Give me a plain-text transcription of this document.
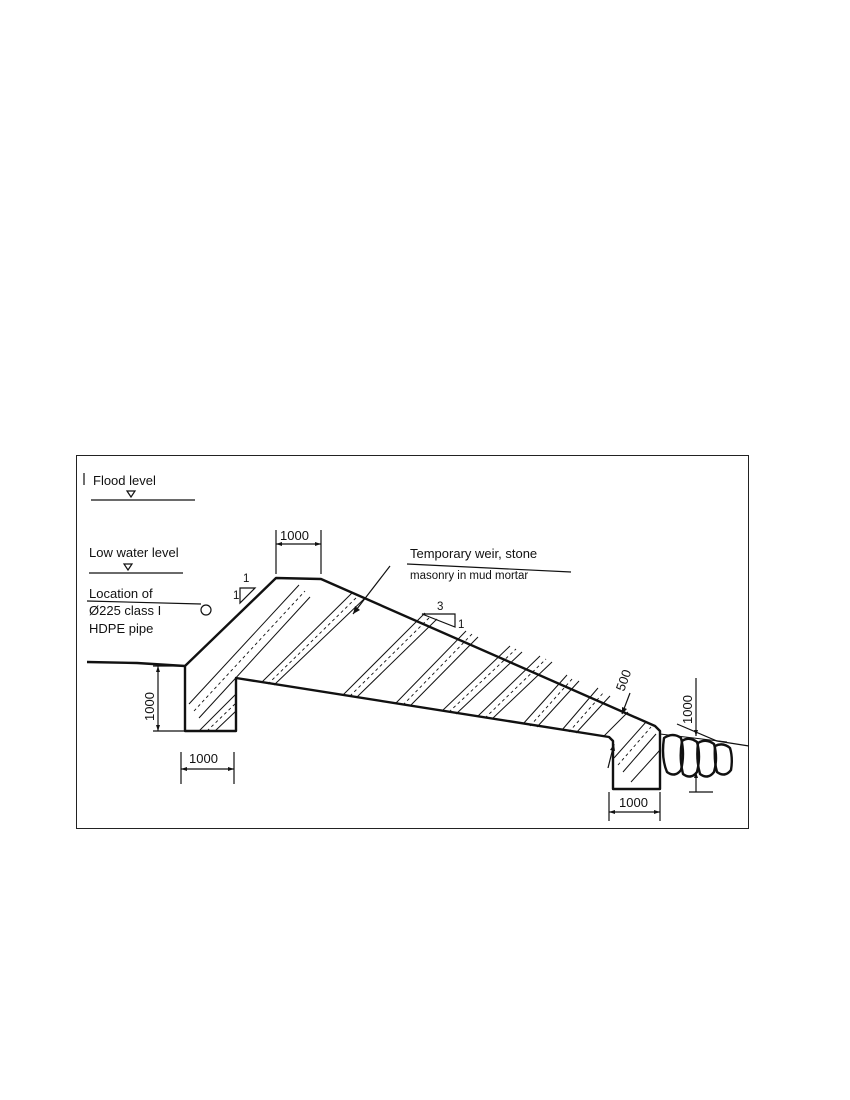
Flood level
Low water level
Location of
Ø225 class I
HDPE pipe
1000
1
1
Temporary weir, stone
masonry in mud mortar
3
1
1000
1000
500
1000
1000
